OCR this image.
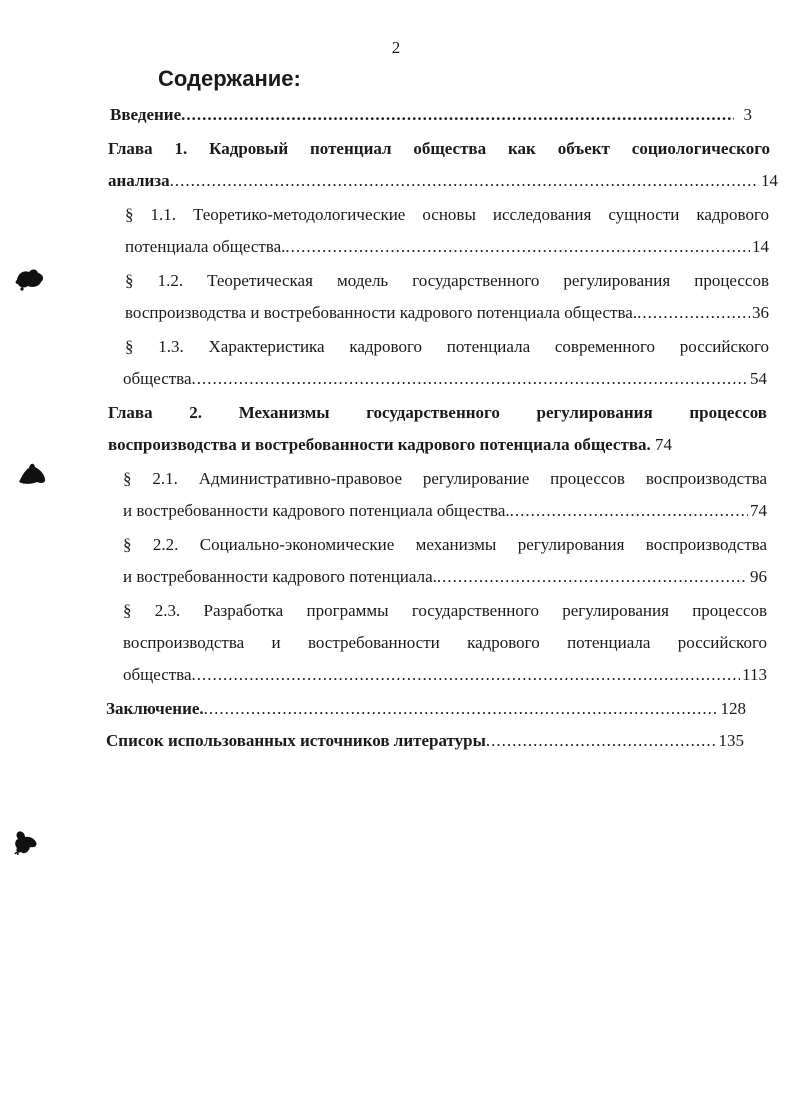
2
Содержание:
Введение .....	3
Глава 1. Кадровый потенциал общества как объект социологического
анализа .....	14
§ 1.1. Теоретико-методологические основы исследования сущности кадрового
потенциала общества. .....	14
§ 1.2. Теоретическая модель государственного регулирования процессов
воспроизводства и востребованности кадрового потенциала общества. .....	36
§ 1.3. Характеристика кадрового потенциала современного российского
общества .....	54
Глава 2. Механизмы государственного регулирования процессов
воспроизводства и востребованности кадрового потенциала общества. 74
§ 2.1. Административно-правовое регулирование процессов воспроизводства
и востребованности кадрового потенциала общества. .....	74
§ 2.2. Социально-экономические механизмы регулирования воспроизводства
и востребованности кадрового потенциала. .....	96
§ 2.3. Разработка программы государственного регулирования процессов
воспроизводства и востребованности кадрового потенциала российского
общества .....	113
Заключение. .....	128
Список использованных источников литературы .....	135
